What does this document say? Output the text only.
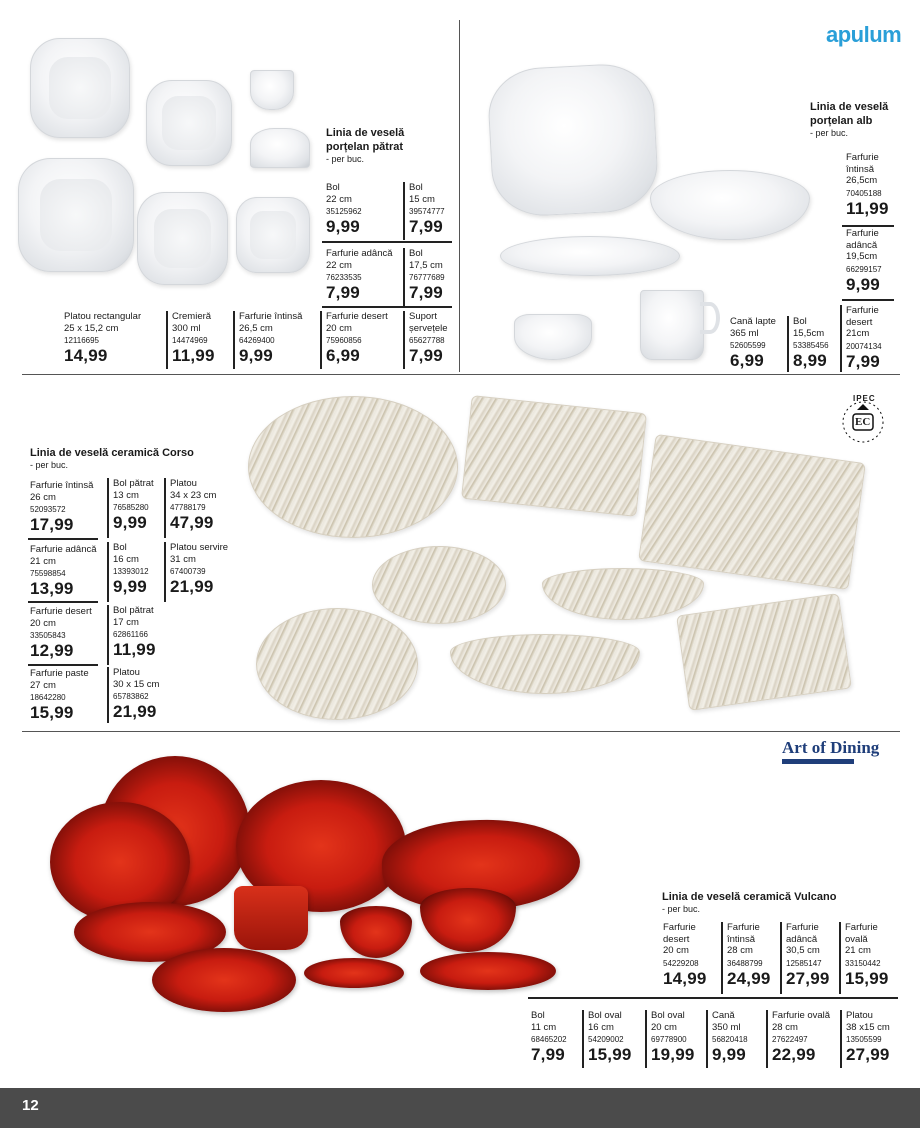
apulum
Linia de veselă
porțelan pătrat
- per buc.
Bol
22 cm
35125962
9,99
Bol
15 cm
39574777
7,99
Farfurie adâncă
22 cm
76233535
7,99
Bol
17,5 cm
76777689
7,99
Farfurie desert
20 cm
75960856
6,99
Suport
șervețele
65627788
7,99
Platou rectangular
25 x 15,2 cm
12116695
14,99
Cremieră
300 ml
14474969
11,99
Farfurie întinsă
26,5 cm
64269400
9,99
Linia de veselă
porțelan alb
- per buc.
Farfurie
întinsă
26,5cm
70405188
11,99
Farfurie
adâncă
19,5cm
66299157
9,99
Cană lapte
365 ml
52605599
6,99
Bol
15,5cm
53385456
8,99
Farfurie
desert
21cm
20074134
7,99
IPEC
EC
Linia de veselă ceramică Corso
- per buc.
Farfurie întinsă
26 cm
52093572
17,99
Farfurie adâncă
21 cm
75598854
13,99
Farfurie desert
20 cm
33505843
12,99
Farfurie paste
27 cm
18642280
15,99
Bol pătrat
13 cm
76585280
9,99
Bol
16 cm
13393012
9,99
Bol pătrat
17 cm
62861166
11,99
Platou
30 x 15 cm
65783862
21,99
Platou
34 x 23 cm
47788179
47,99
Platou servire
31 cm
67400739
21,99
Art of Dining
Linia de veselă ceramică Vulcano
- per buc.
Farfurie
desert
20 cm
54229208
14,99
Farfurie
întinsă
28 cm
36488799
24,99
Farfurie
adâncă
30,5 cm
12585147
27,99
Farfurie
ovală
21 cm
33150442
15,99
Bol
11 cm
68465202
7,99
Bol oval
16 cm
54209002
15,99
Bol oval
20 cm
69778900
19,99
Cană
350 ml
56820418
9,99
Farfurie ovală
28 cm
27622497
22,99
Platou
38 x15 cm
13505599
27,99
12
